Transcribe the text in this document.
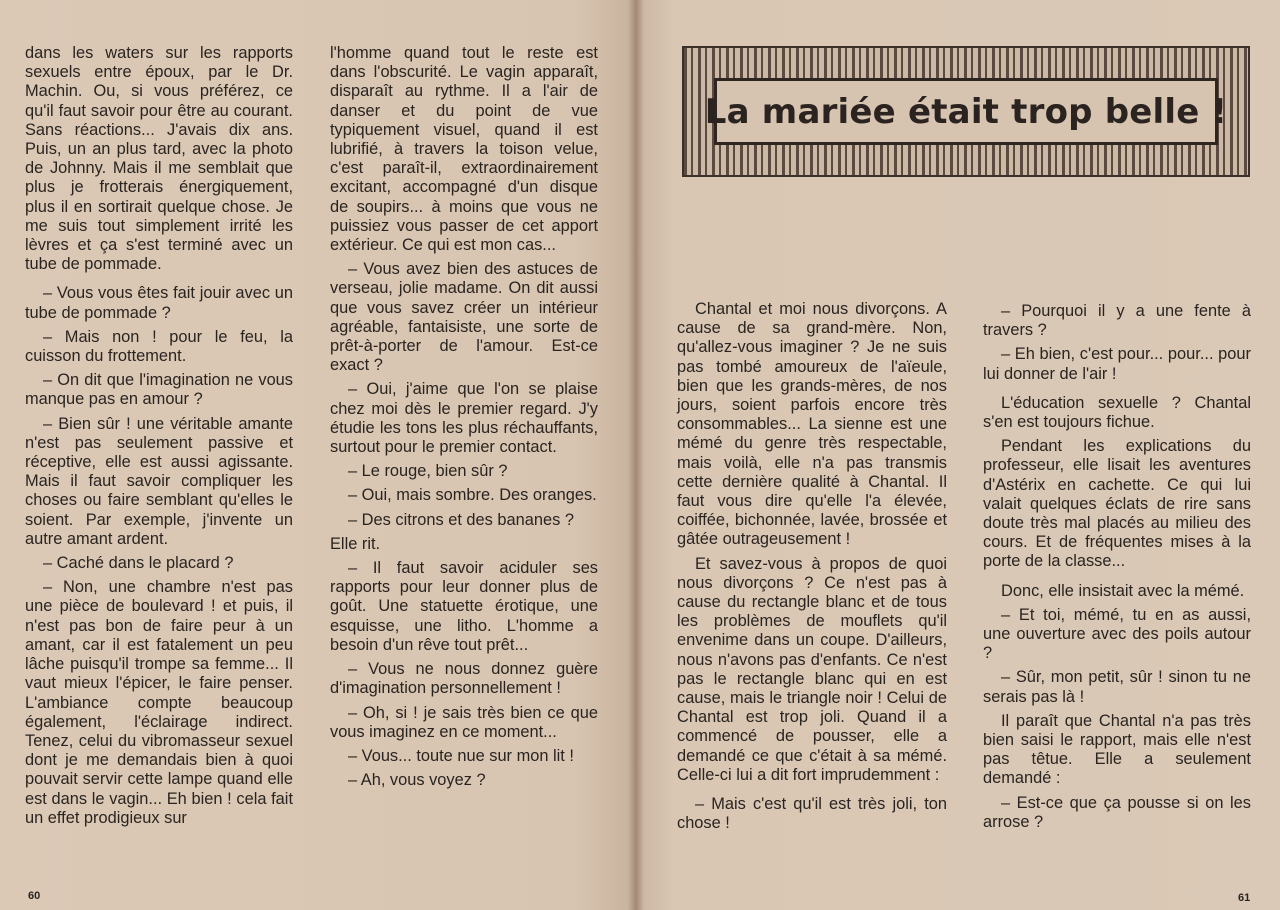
dans les waters sur les rapports sexuels entre époux, par le Dr. Machin. Ou, si vous préférez, ce qu'il faut savoir pour être au courant. Sans réactions... J'avais dix ans. Puis, un an plus tard, avec la photo de Johnny. Mais il me semblait que plus je frotterais énergiquement, plus il en sortirait quelque chose. Je me suis tout simplement irrité les lèvres et ça s'est terminé avec un tube de pommade.

– Vous vous êtes fait jouir avec un tube de pommade ?

– Mais non ! pour le feu, la cuisson du frottement.

– On dit que l'imagination ne vous manque pas en amour ?

– Bien sûr ! une véritable amante n'est pas seulement passive et réceptive, elle est aussi agissante. Mais il faut savoir compliquer les choses ou faire semblant qu'elles le soient. Par exemple, j'invente un autre amant ardent.

– Caché dans le placard ?

– Non, une chambre n'est pas une pièce de boulevard ! et puis, il n'est pas bon de faire peur à un amant, car il est fatalement un peu lâche puisqu'il trompe sa femme... Il vaut mieux l'épicer, le faire penser. L'ambiance compte beaucoup également, l'éclairage indirect. Tenez, celui du vibromasseur sexuel dont je me demandais bien à quoi pouvait servir cette lampe quand elle est dans le vagin... Eh bien ! cela fait un effet prodigieux sur

l'homme quand tout le reste est dans l'obscurité. Le vagin apparaît, disparaît au rythme. Il a l'air de danser et du point de vue typiquement visuel, quand il est lubrifié, à travers la toison velue, c'est paraît-il, extraordinairement excitant, accompagné d'un disque de soupirs... à moins que vous ne puissiez vous passer de cet apport extérieur. Ce qui est mon cas...

– Vous avez bien des astuces de verseau, jolie madame. On dit aussi que vous savez créer un intérieur agréable, fantaisiste, une sorte de prêt-à-porter de l'amour. Est-ce exact ?

– Oui, j'aime que l'on se plaise chez moi dès le premier regard. J'y étudie les tons les plus réchauffants, surtout pour le premier contact.

– Le rouge, bien sûr ?

– Oui, mais sombre. Des oranges.

– Des citrons et des bananes ?

Elle rit.

– Il faut savoir aciduler ses rapports pour leur donner plus de goût. Une statuette érotique, une esquisse, une litho. L'homme a besoin d'un rêve tout prêt...

– Vous ne nous donnez guère d'imagination personnellement !

– Oh, si ! je sais très bien ce que vous imaginez en ce moment...

– Vous... toute nue sur mon lit !

– Ah, vous voyez ?

60
La mariée était trop belle !

Chantal et moi nous divorçons. A cause de sa grand-mère. Non, qu'allez-vous imaginer ? Je ne suis pas tombé amoureux de l'aïeule, bien que les grands-mères, de nos jours, soient parfois encore très consommables... La sienne est une mémé du genre très respectable, mais voilà, elle n'a pas transmis cette dernière qualité à Chantal. Il faut vous dire qu'elle l'a élevée, coiffée, bichonnée, lavée, brossée et gâtée outrageusement !

Et savez-vous à propos de quoi nous divorçons ? Ce n'est pas à cause du rectangle blanc et de tous les problèmes de mouflets qu'il envenime dans un coupe. D'ailleurs, nous n'avons pas d'enfants. Ce n'est pas le rectangle blanc qui en est cause, mais le triangle noir ! Celui de Chantal est trop joli. Quand il a commencé de pousser, elle a demandé ce que c'était à sa mémé. Celle-ci lui a dit fort imprudemment :

– Mais c'est qu'il est très joli, ton chose !

– Pourquoi il y a une fente à travers ?

– Eh bien, c'est pour... pour... pour lui donner de l'air !

L'éducation sexuelle ? Chantal s'en est toujours fichue.

Pendant les explications du professeur, elle lisait les aventures d'Astérix en cachette. Ce qui lui valait quelques éclats de rire sans doute très mal placés au milieu des cours. Et de fréquentes mises à la porte de la classe...

Donc, elle insistait avec la mémé.

– Et toi, mémé, tu en as aussi, une ouverture avec des poils autour ?

– Sûr, mon petit, sûr ! sinon tu ne serais pas là !

Il paraît que Chantal n'a pas très bien saisi le rapport, mais elle n'est pas têtue. Elle a seulement demandé :

– Est-ce que ça pousse si on les arrose ?

61
